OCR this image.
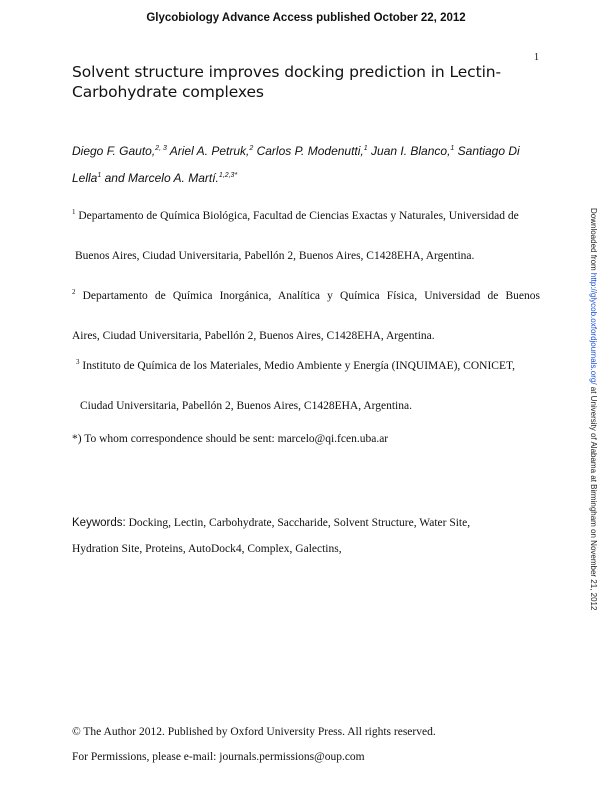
Glycobiology Advance Access published October 22, 2012
1
Solvent structure improves docking prediction in Lectin-
Carbohydrate complexes
Diego F. Gauto,$^{2, 3}$ Ariel A. Petruk,$^2$ Carlos P. Modenutti,$^1$ Juan I. Blanco,$^1$ Santiago Di Lella$^1$ and Marcelo A. Martí.$^{1,2,3*}$
$^1$ Departamento de Química Biológica, Facultad de Ciencias Exactas y Naturales, Universidad de
Buenos Aires, Ciudad Universitaria, Pabellón 2, Buenos Aires, C1428EHA, Argentina.
$^2$ Departamento de Química Inorgánica, Analítica y Química Física, Universidad de Buenos
Aires, Ciudad Universitaria, Pabellón 2, Buenos Aires, C1428EHA, Argentina.
$^3$ Instituto de Química de los Materiales, Medio Ambiente y Energía (INQUIMAE), CONICET,
Ciudad Universitaria, Pabellón 2, Buenos Aires, C1428EHA, Argentina.
*) To whom correspondence should be sent: marcelo@qi.fcen.uba.ar
Keywords: Docking, Lectin, Carbohydrate, Saccharide, Solvent Structure, Water Site,
Hydration Site, Proteins, AutoDock4, Complex, Galectins,
© The Author 2012. Published by Oxford University Press. All rights reserved.
For Permissions, please e-mail: journals.permissions@oup.com
Downloaded from http://glycob.oxfordjournals.org/ at University of Alabama at Birmingham on November 21, 2012
